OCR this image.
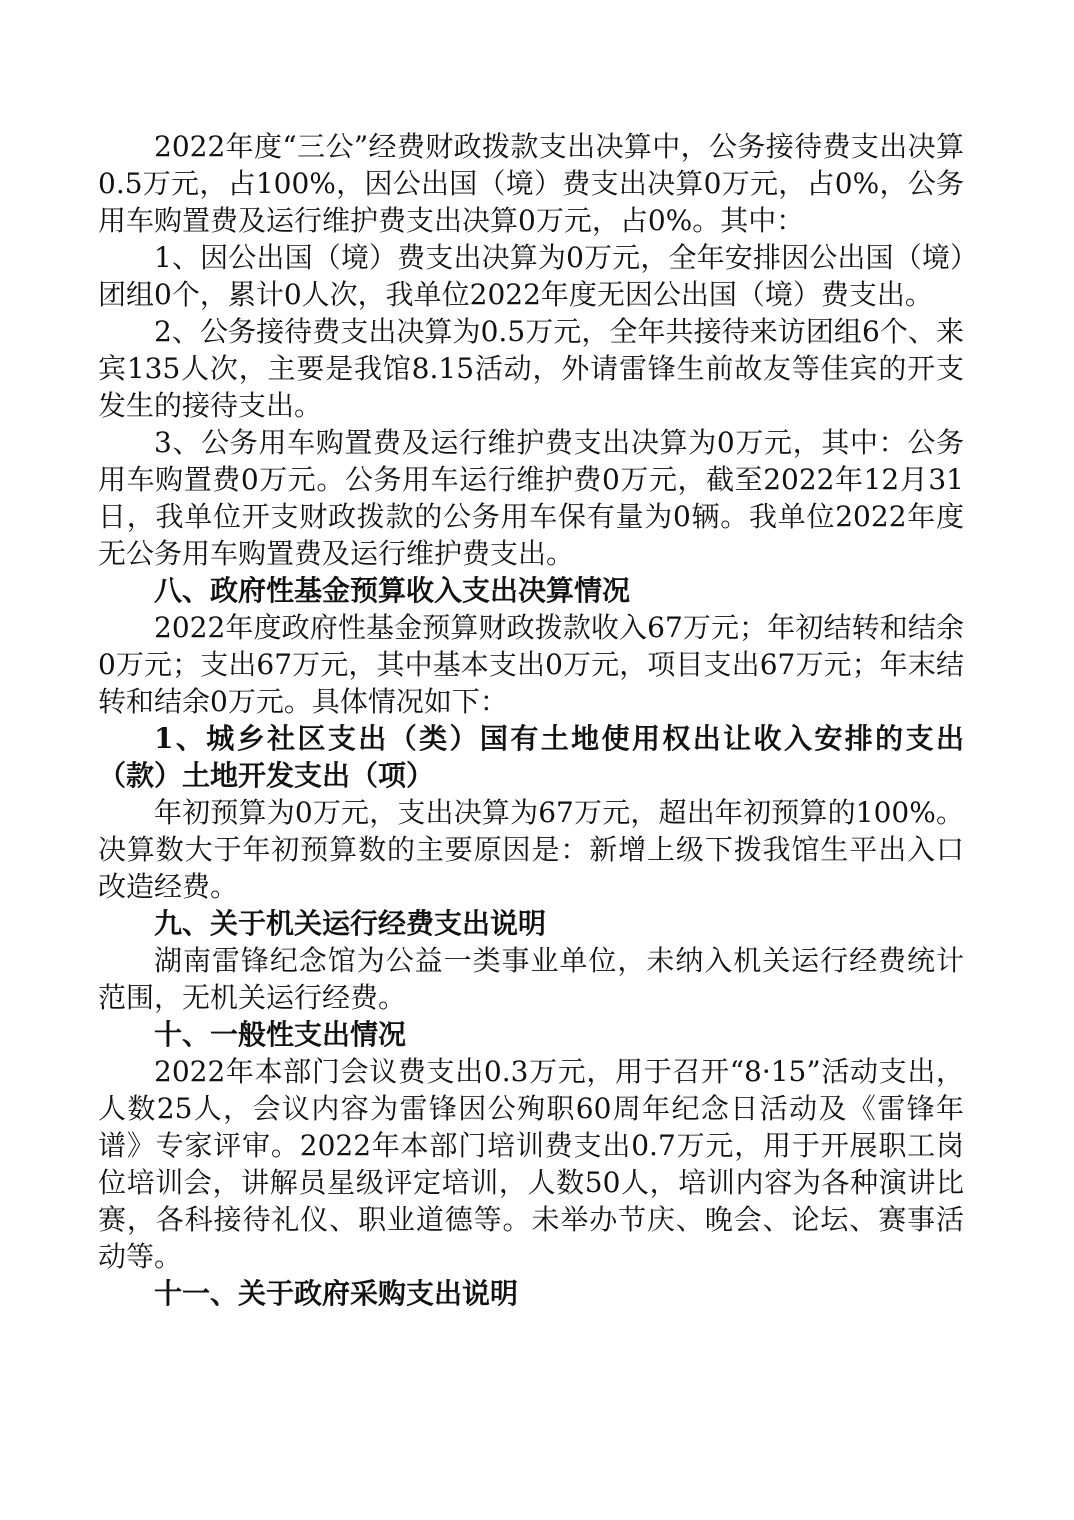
2022年度“三公”经费财政拨款支出决算中，公务接待费支出决算0.5万元，占100%，因公出国（境）费支出决算0万元，占0%，公务用车购置费及运行维护费支出决算0万元，占0%。其中：

1、因公出国（境）费支出决算为0万元，全年安排因公出国（境）团组0个，累计0人次，我单位2022年度无因公出国（境）费支出。

2、公务接待费支出决算为0.5万元，全年共接待来访团组6个、来宾135人次，主要是我馆8.15活动，外请雷锋生前故友等佳宾的开支发生的接待支出。

3、公务用车购置费及运行维护费支出决算为0万元，其中：公务用车购置费0万元。公务用车运行维护费0万元，截至2022年12月31日，我单位开支财政拨款的公务用车保有量为0辆。我单位2022年度无公务用车购置费及运行维护费支出。

八、政府性基金预算收入支出决算情况

2022年度政府性基金预算财政拨款收入67万元；年初结转和结余0万元；支出67万元，其中基本支出0万元，项目支出67万元；年末结转和结余0万元。具体情况如下：

1、城乡社区支出（类）国有土地使用权出让收入安排的支出（款）土地开发支出（项）

年初预算为0万元，支出决算为67万元，超出年初预算的100%。决算数大于年初预算数的主要原因是：新增上级下拨我馆生平出入口改造经费。

九、关于机关运行经费支出说明

湖南雷锋纪念馆为公益一类事业单位，未纳入机关运行经费统计范围，无机关运行经费。

十、一般性支出情况

2022年本部门会议费支出0.3万元，用于召开“8·15”活动支出，人数25人，会议内容为雷锋因公殉职60周年纪念日活动及《雷锋年谱》专家评审。2022年本部门培训费支出0.7万元，用于开展职工岗位培训会，讲解员星级评定培训，人数50人，培训内容为各种演讲比赛，各科接待礼仪、职业道德等。未举办节庆、晚会、论坛、赛事活动等。

十一、关于政府采购支出说明
